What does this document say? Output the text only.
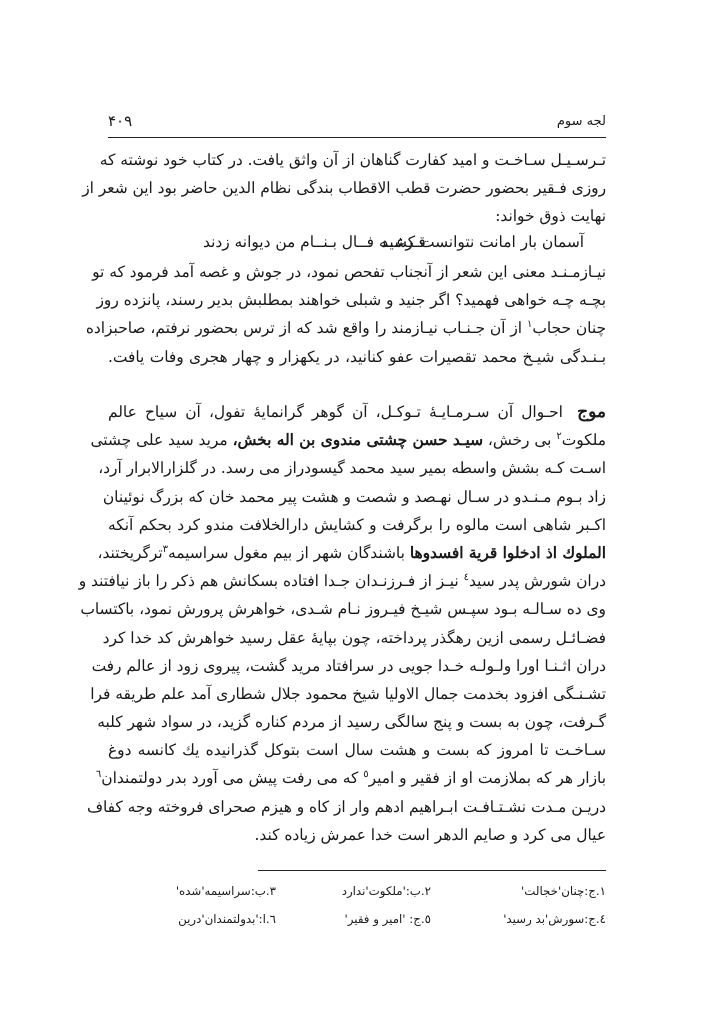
لجه سوم
۴۰۹
تـرسـیـل سـاخـت و امید کفارت گناهان از آن واثق یافت. در کتاب خود نوشته که
روزی فـقیر بحضور حضرت قطب الاقطاب بندگی نظام الدین حاضر بود این شعر از
نهایت ذوق خواند:
آسمان بار امانت نتوانست کشید
قـرعــه فــال بـنــام من دیوانه زدند
نیـازمـنـد معنی این شعر از آنجناب تفحص نمود، در جوش و غصه آمد فرمود که تو
بچـه چـه خواهی فهمید؟ اگر جنید و شبلی خواهند بمطلبش بدیر رسند، پانزده روز
چنان حجاب$^١$ از آن جـنـاب نیـازمند را واقع شد که از ترس بحضور نرفتم، صاحبزاده
بـنـدگی شیـخ محمد تقصیرات عفو کنانید، در یکهزار و چهار هجری وفات یافت.
موج احـوال آن سـرمـایـهٔ تـوکـل، آن گوهر گرانمایهٔ تفول، آن سیاح عالم
ملکوت$^٢$ بی رخش، سیـد حسن چشتی مندوی بن اله بخش، مرید سید علی چشتی
اسـت کـه بشش واسطه بمیر سید محمد گیسودراز می رسد. در گلزارالابرار آرد،
زاد بـوم مـنـدو در سـال نهـصد و شصت و هشت پیر محمد خان که بزرگ نوئینان
اکـبر شاهی است مالوه را برگرفت و کشایش دارالخلافت مندو کرد بحکم آنکه
الملوك اذ ادخلوا قرية افسدوها باشندگان شهر از بیم مغول سراسیمه$^٣$ترگریختند،
دران شورش پدر سید$^٤$ نیـز از فـرزنـدان جـدا افتاده بسکانش هم ذکر را باز نیافتند و
وی ده سـالـه بـود سپـس شیـخ فیـروز نـام شـدی، خواهرش پرورش نمود، باکتساب
فضـائـل رسمی ازین رهگذر پرداخته، چون بپایهٔ عقل رسید خواهرش کد خدا کرد
دران اثـنـا اورا ولـولـه خـدا جویی در سرافتاد مرید گشت، پیروی زود از عالم رفت
تشـنـگی افزود بخدمت جمال الاولیا شیخ محمود جلال شطاری آمد علم طریقه فرا
گـرفت، چون به بست و پنج سالگی رسید از مردم کناره گزید، در سواد شهر کلبه
سـاخـت تا امروز که بست و هشت سال است بتوکل گذرانیده یك کانسه دوغ
بازار هر که بملازمت او از فقیر و امیر$^٥$ که می رفت پیش می آورد بدر دولتمندان$^٦$
دریـن مـدت نشـتـافـت ابـراهیم ادهم وار از کاه و هیزم صحرای فروخته وجه کفاف
عیال می کرد و صایم الدهر است خدا عمرش زیاده کند.
١.ج:چنان'خجالت'
٢.ب:'ملکوت'ندارد
٣.ب:سراسیمه'شده'
٤.ج:سورش'بد رسید'
٥.ج: 'امیر و فقیر'
٦.ا:'بدولتمندان'درین
